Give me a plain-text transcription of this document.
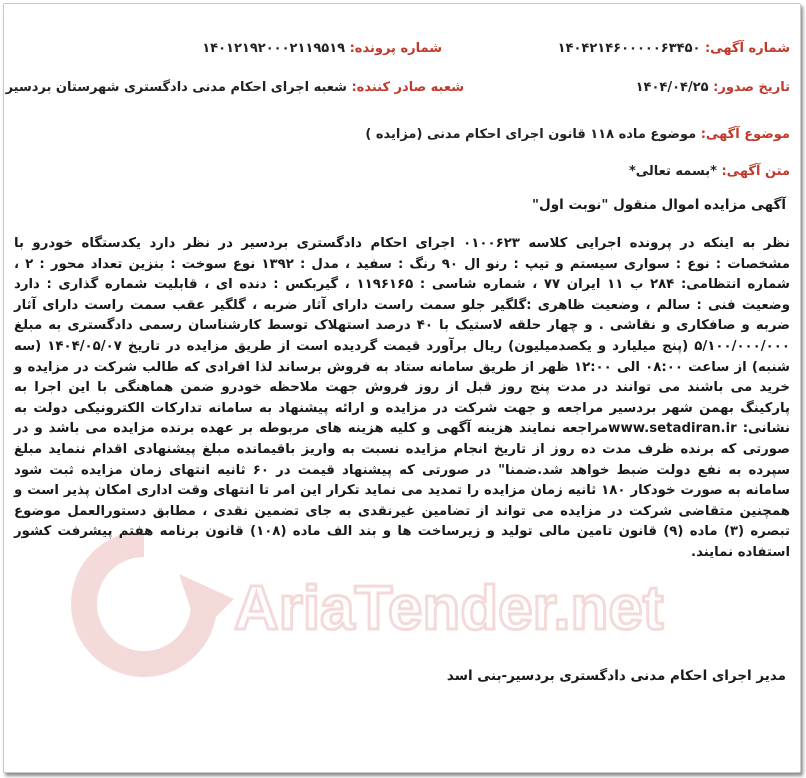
AriaTender.net
شماره آگهی: ۱۴۰۴۲۱۴۶۰۰۰۰۰۶۳۴۵۰
شماره پرونده: ۱۴۰۱۲۱۹۲۰۰۰۲۱۱۹۵۱۹
تاریخ صدور: ۱۴۰۴/۰۴/۲۵
شعبه صادر کننده: شعبه اجرای احکام مدنی دادگستری شهرستان بردسیر
موضوع آگهی: موضوع ماده ۱۱۸ قانون اجرای احکام مدنی (مزایده )
متن آگهی: *بسمه تعالی*
آگهی مزایده اموال منقول "نوبت اول"
نظر به اینکه در پرونده اجرایی کلاسه ۰۱۰۰۶۲۳ اجرای احکام دادگستری بردسیر در نظر دارد یکدستگاه خودرو با مشخصات : نوع : سواری سیستم و تیپ : رنو ال ۹۰ رنگ : سفید ، مدل : ۱۳۹۲ نوع سوخت : بنزین تعداد محور : ۲ ، شماره انتظامی: ۲۸۴ ب ۱۱ ایران ۷۷ ، شماره شاسی : ۱۱۹۶۱۶۵ ، گیربکس : دنده ای ، قابلیت شماره گذاری : دارد وضعیت فنی : سالم ، وضعیت ظاهری :گلگیر جلو سمت راست دارای آثار ضربه ، گلگیر عقب سمت راست دارای آثار ضربه و صافکاری و نقاشی . و چهار حلقه لاستیک با ۴۰ درصد استهلاک توسط کارشناسان رسمی دادگستری به مبلغ ۵/۱۰۰/۰۰۰/۰۰۰ (پنج میلیارد و یکصدمیلیون) ریال برآورد قیمت گردیده است از طریق مزایده در تاریخ ۱۴۰۴/۰۵/۰۷ (سه شنبه) از ساعت ۰۸:۰۰ الی ۱۲:۰۰ ظهر از طریق سامانه ستاد به فروش برساند لذا افرادی که طالب شرکت در مزایده و خرید می باشند می توانند در مدت پنج روز قبل از روز فروش جهت ملاحظه خودرو ضمن هماهنگی با این اجرا به پارکینگ بهمن شهر بردسیر مراجعه و جهت شرکت در مزایده و ارائه پیشنهاد به سامانه تدارکات الکترونیکی دولت به نشانی: www.setadiran.irمراجعه نمایند هزینه آگهی و کلیه هزینه های مربوطه بر عهده برنده مزایده می باشد و در صورتی که برنده ظرف مدت ده روز از تاریخ انجام مزایده نسبت به واریز باقیمانده مبلغ پیشنهادی اقدام ننماید مبلغ سپرده به نفع دولت ضبط خواهد شد.ضمنا" در صورتی که پیشنهاد قیمت در ۶۰ ثانیه انتهای زمان مزایده ثبت شود سامانه به صورت خودکار ۱۸۰ ثانیه زمان مزایده را تمدید می نماید تکرار این امر تا انتهای وقت اداری امکان پذیر است و همچنین متقاضی شرکت در مزایده می تواند از تضامین غیرنقدی به جای تضمین نقدی ، مطابق دستورالعمل موضوع تبصره (۳) ماده (۹) قانون تامین مالی تولید و زیرساخت ها و بند الف ماده (۱۰۸) قانون برنامه هفتم پیشرفت کشور استفاده نمایند.
مدیر اجرای احکام مدنی دادگستری بردسیر-بنی اسد
